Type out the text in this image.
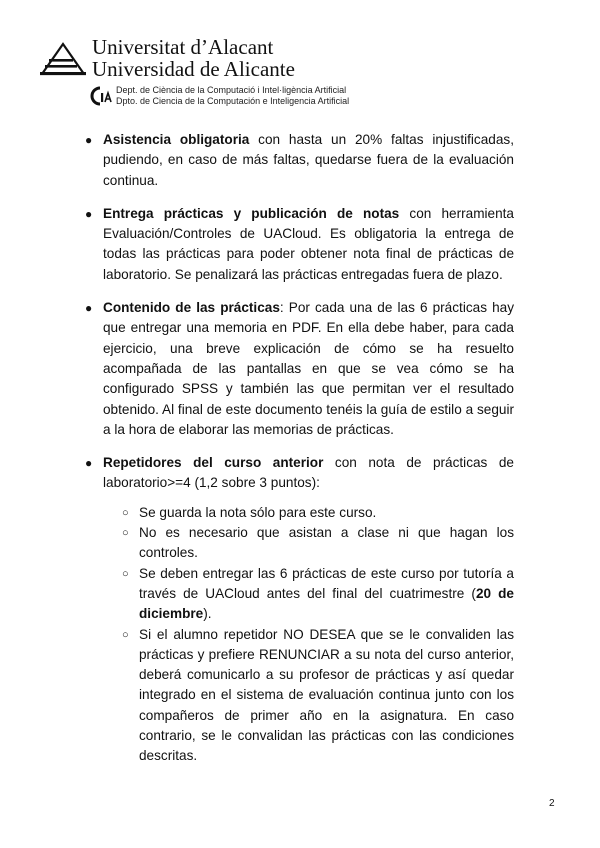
Universitat d’Alacant
Universidad de Alicante
Dept. de Ciència de la Computació i Intel·ligència Artificial
Dpto. de Ciencia de la Computación e Inteligencia Artificial
● Asistencia obligatoria con hasta un 20% faltas injustificadas, pudiendo, en caso de más faltas, quedarse fuera de la evaluación continua.

● Entrega prácticas y publicación de notas con herramienta Evaluación/Controles de UACloud. Es obligatoria la entrega de todas las prácticas para poder obtener nota final de prácticas de laboratorio. Se penalizará las prácticas entregadas fuera de plazo.

● Contenido de las prácticas: Por cada una de las 6 prácticas hay que entregar una memoria en PDF. En ella debe haber, para cada ejercicio, una breve explicación de cómo se ha resuelto acompañada de las pantallas en que se vea cómo se ha configurado SPSS y también las que permitan ver el resultado obtenido. Al final de este documento tenéis la guía de estilo a seguir a la hora de elaborar las memorias de prácticas.

● Repetidores del curso anterior con nota de prácticas de laboratorio>=4 (1,2 sobre 3 puntos):

○ Se guarda la nota sólo para este curso.

○ No es necesario que asistan a clase ni que hagan los controles.

○ Se deben entregar las 6 prácticas de este curso por tutoría a través de UACloud antes del final del cuatrimestre (20 de diciembre).

○ Si el alumno repetidor NO DESEA que se le convaliden las prácticas y prefiere RENUNCIAR a su nota del curso anterior, deberá comunicarlo a su profesor de prácticas y así quedar integrado en el sistema de evaluación continua junto con los compañeros de primer año en la asignatura. En caso contrario, se le convalidan las prácticas con las condiciones descritas.

2
